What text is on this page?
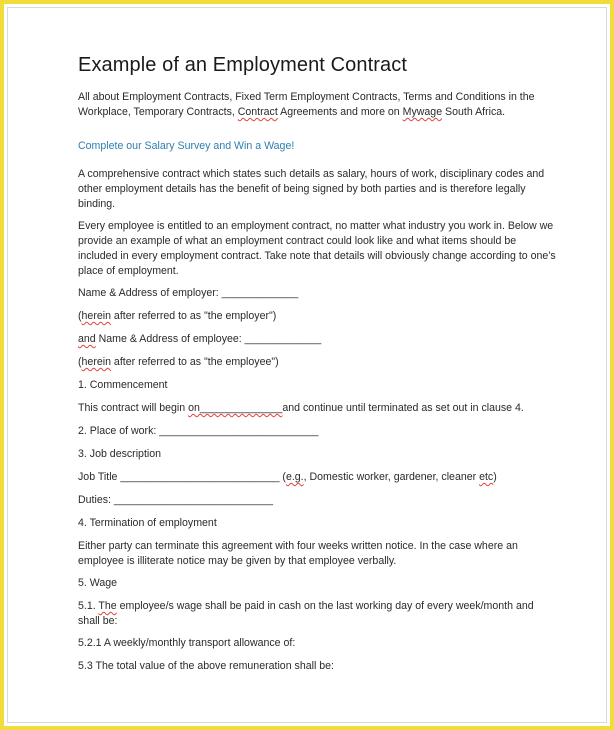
Example of an Employment Contract
All about Employment Contracts, Fixed Term Employment Contracts, Terms and Conditions in the Workplace, Temporary Contracts, Contract Agreements and more on Mywage South Africa.
Complete our Salary Survey and Win a Wage!
A comprehensive contract which states such details as salary, hours of work, disciplinary codes and other employment details has the benefit of being signed by both parties and is therefore legally binding.
Every employee is entitled to an employment contract, no matter what industry you work in. Below we provide an example of what an employment contract could look like and what items should be included in every employment contract. Take note that details will obviously change according to one's place of employment.
Name & Address of employer: _____________
(herein after referred to as "the employer")
and Name & Address of employee: _____________
(herein after referred to as "the employee")
1. Commencement
This contract will begin on______________and continue until terminated as set out in clause 4.
2. Place of work: ___________________________
3. Job description
Job Title ___________________________ (e.g., Domestic worker, gardener, cleaner etc)
Duties: ___________________________
4. Termination of employment
Either party can terminate this agreement with four weeks written notice. In the case where an employee is illiterate notice may be given by that employee verbally.
5. Wage
5.1. The employee/s wage shall be paid in cash on the last working day of every week/month and shall be:
5.2.1 A weekly/monthly transport allowance of:
5.3 The total value of the above remuneration shall be:
